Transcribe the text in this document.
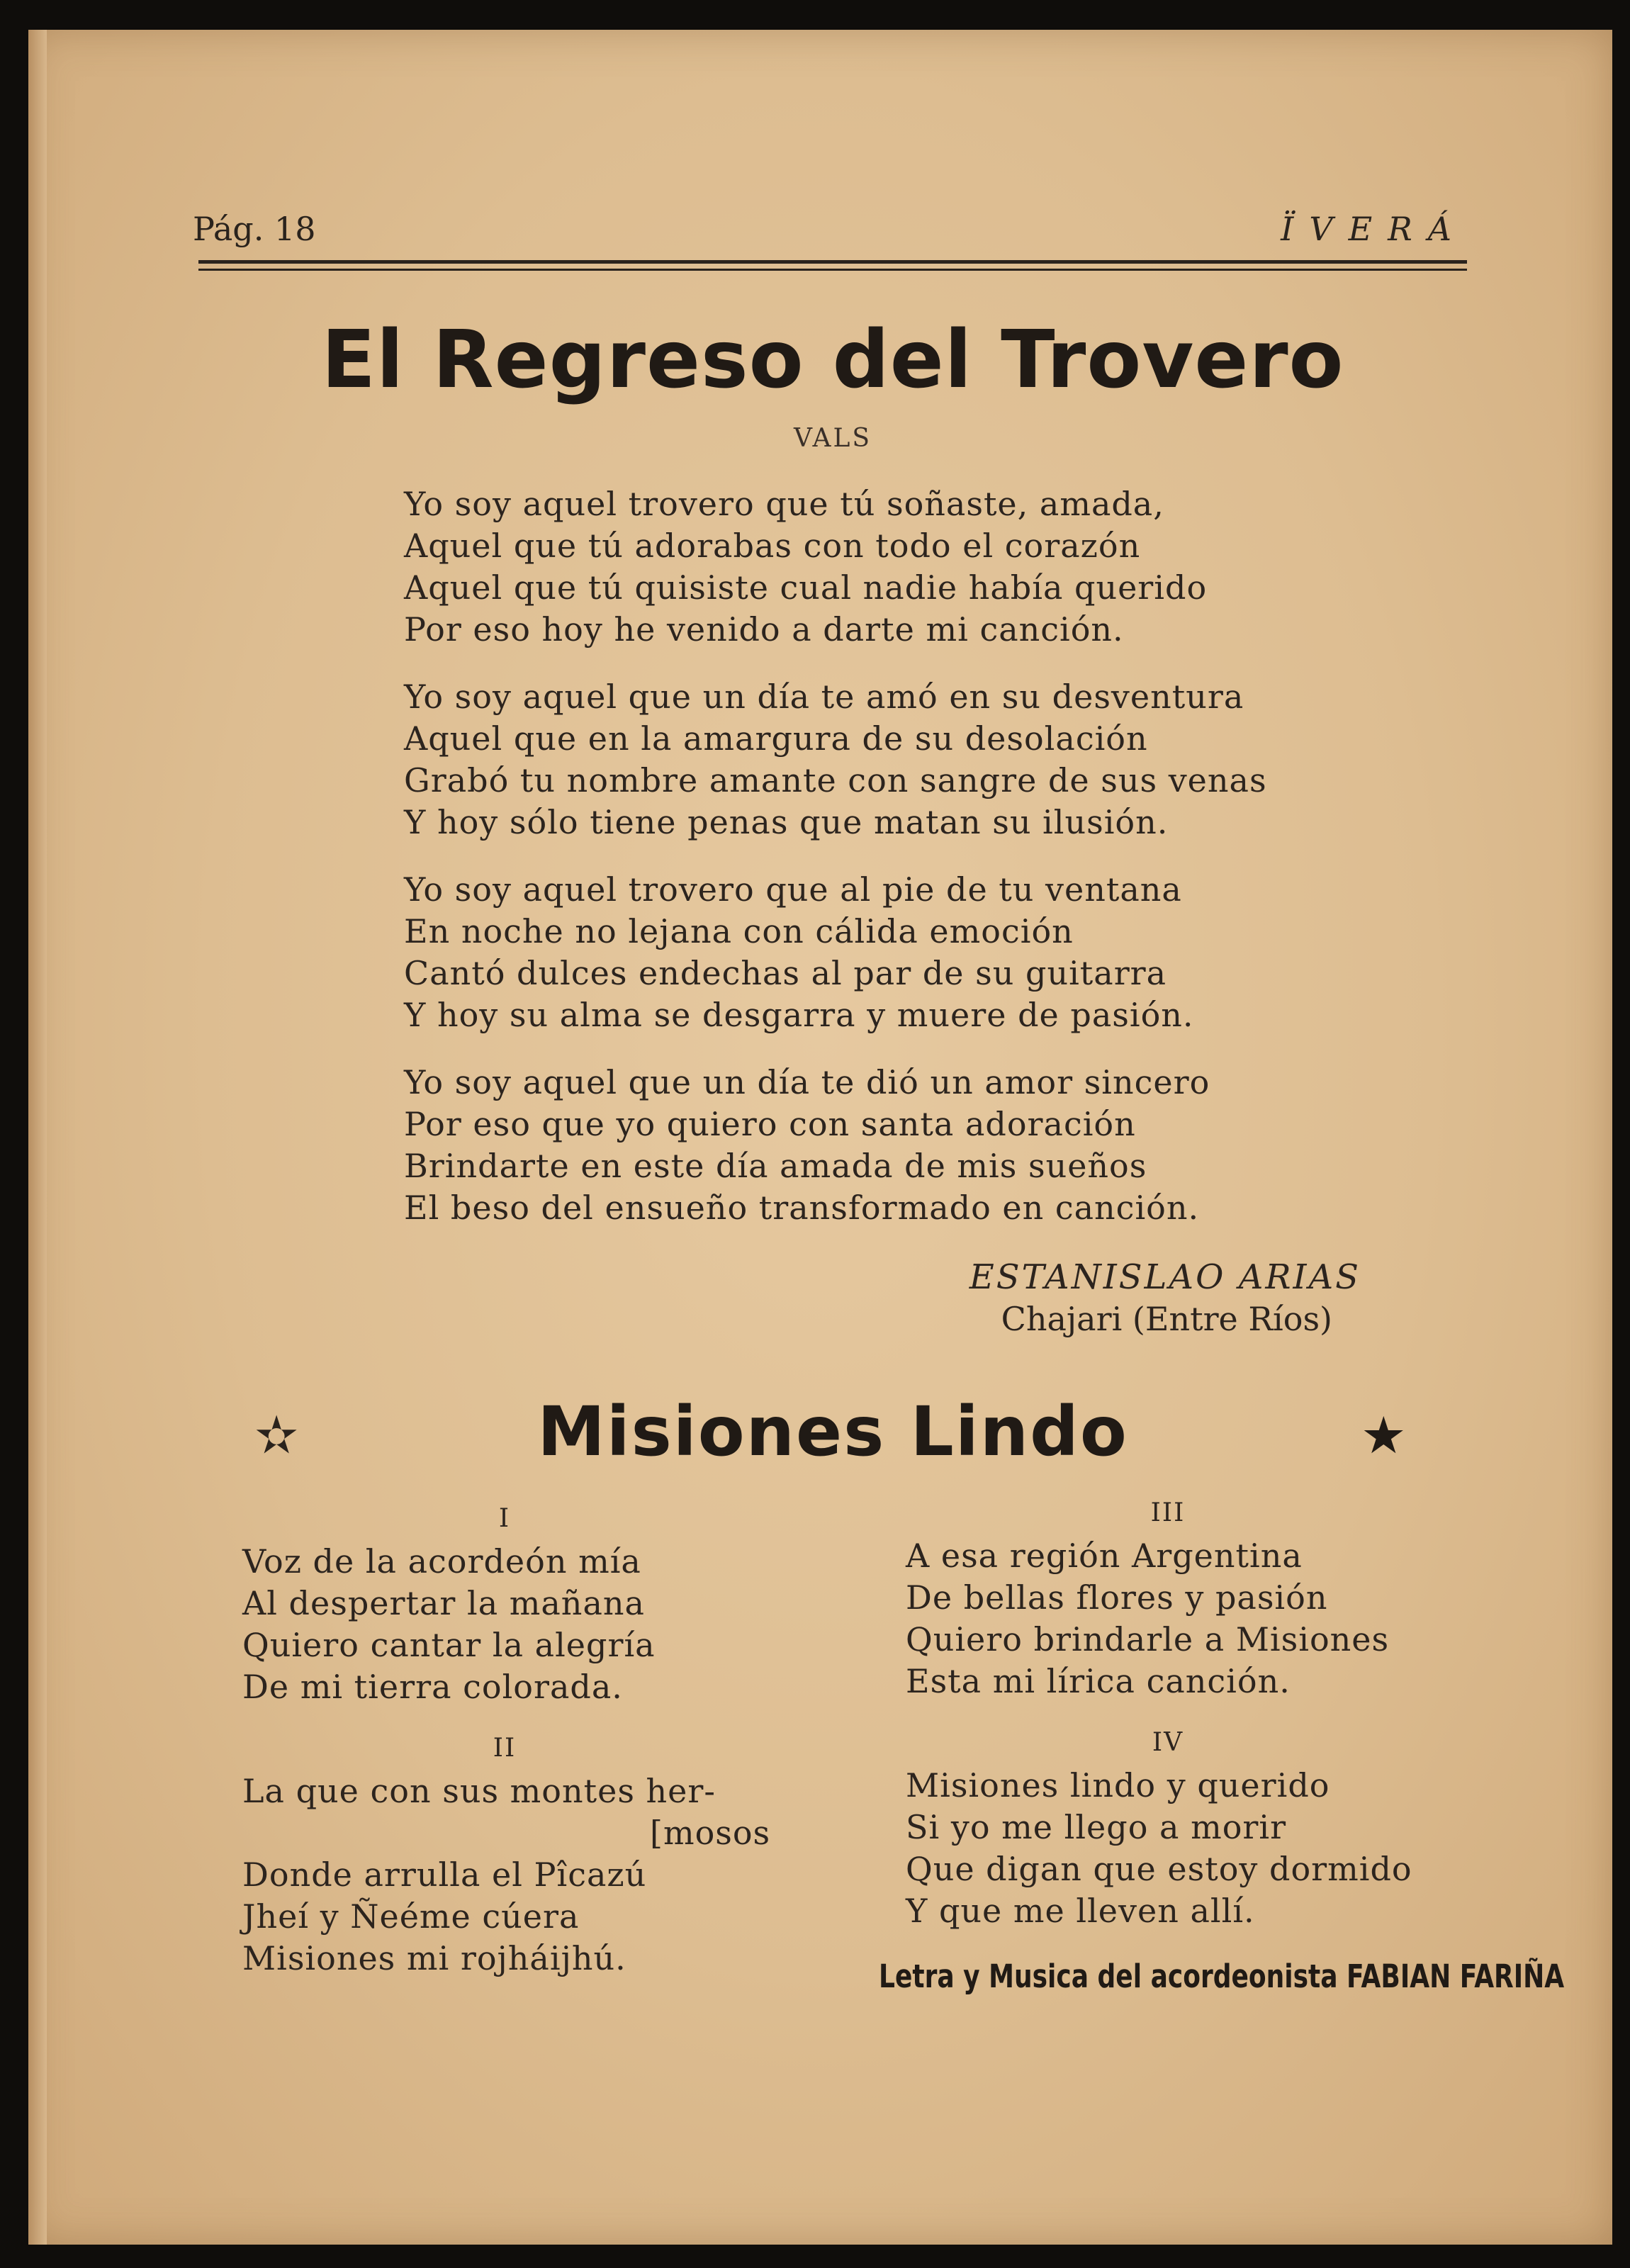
Pág. 18	ÏVERÁ
El Regreso del Trovero
VALS
Yo soy aquel trovero que tú soñaste, amada,
Aquel que tú adorabas con todo el corazón
Aquel que tú quisiste cual nadie había querido
Por eso hoy he venido a darte mi canción.
Yo soy aquel que un día te amó en su desventura
Aquel que en la amargura de su desolación
Grabó tu nombre amante con sangre de sus venas
Y hoy sólo tiene penas que matan su ilusión.
Yo soy aquel trovero que al pie de tu ventana
En noche no lejana con cálida emoción
Cantó dulces endechas al par de su guitarra
Y hoy su alma se desgarra y muere de pasión.
Yo soy aquel que un día te dió un amor sincero
Por eso que yo quiero con santa adoración
Brindarte en este día amada de mis sueños
El beso del ensueño transformado en canción.
ESTANISLAO ARIAS
Chajari (Entre Ríos)
✫	Misiones Lindo	★
I
Voz de la acordeón mía
Al despertar la mañana
Quiero cantar la alegría
De mi tierra colorada.
II
La que con sus montes her-
[mosos
Donde arrulla el Pîcazú
Jheí y Ñeéme cúera
Misiones mi rojháijhú.
III
A esa región Argentina
De bellas flores y pasión
Quiero brindarle a Misiones
Esta mi lírica canción.
IV
Misiones lindo y querido
Si yo me llego a morir
Que digan que estoy dormido
Y que me lleven allí.
Letra y Musica del acordeonista FABIAN FARIÑA
